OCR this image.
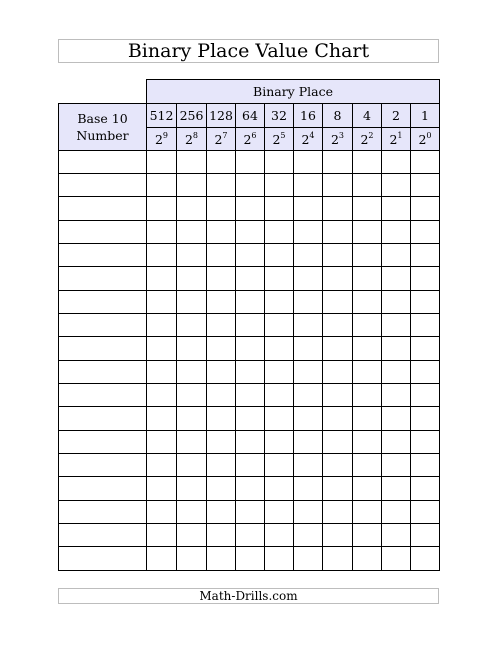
Binary Place Value Chart
	Binary Place									
Base 10
Number	512	256	128	64	32	16	8	4	2	1
	$2^9$	$2^8$	$2^7$	$2^6$	$2^5$	$2^4$	$2^3$	$2^2$	$2^1$	$2^0$

Math-Drills.com
